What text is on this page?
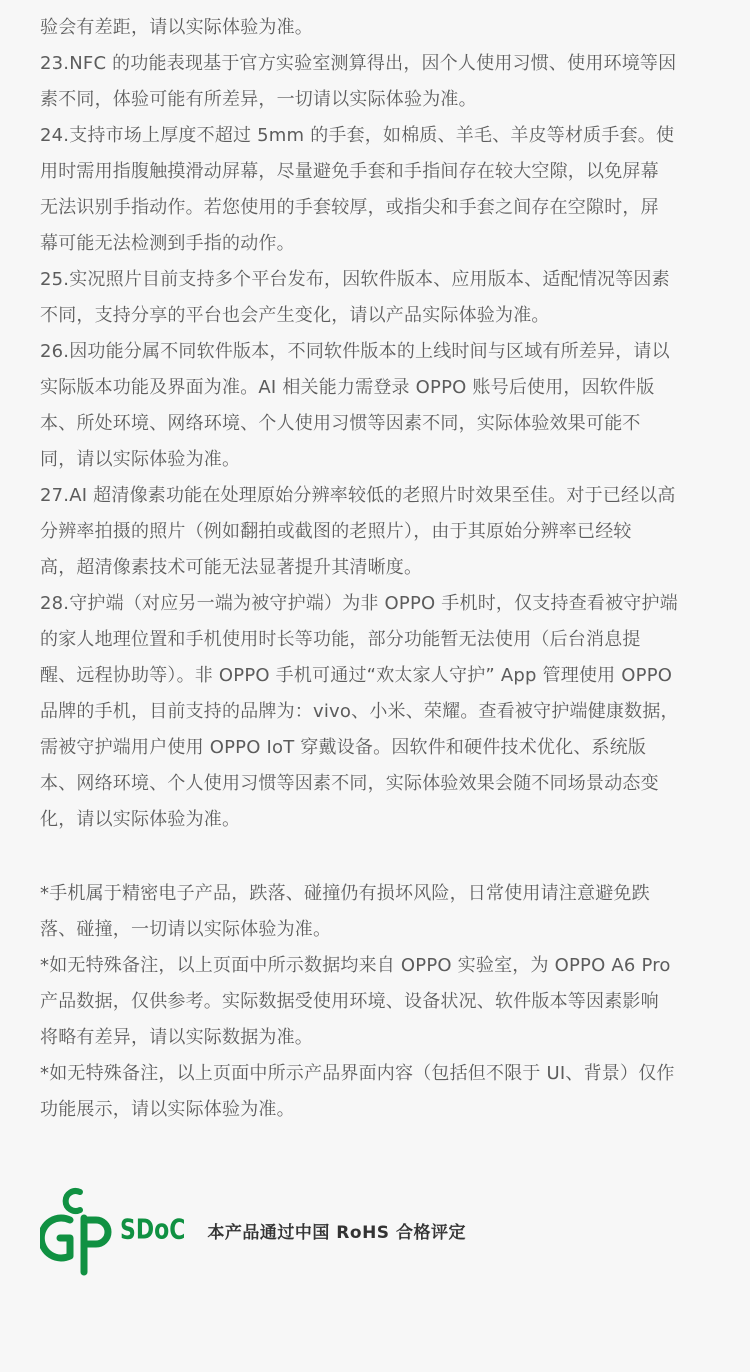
验会有差距，请以实际体验为准。
23.NFC 的功能表现基于官方实验室测算得出，因个人使用习惯、使用环境等因
素不同，体验可能有所差异，一切请以实际体验为准。
24.支持市场上厚度不超过 5mm 的手套，如棉质、羊毛、羊皮等材质手套。使
用时需用指腹触摸滑动屏幕，尽量避免手套和手指间存在较大空隙，以免屏幕
无法识别手指动作。若您使用的手套较厚，或指尖和手套之间存在空隙时，屏
幕可能无法检测到手指的动作。
25.实况照片目前支持多个平台发布，因软件版本、应用版本、适配情况等因素
不同，支持分享的平台也会产生变化，请以产品实际体验为准。
26.因功能分属不同软件版本，不同软件版本的上线时间与区域有所差异，请以
实际版本功能及界面为准。AI 相关能力需登录 OPPO 账号后使用，因软件版
本、所处环境、网络环境、个人使用习惯等因素不同，实际体验效果可能不
同，请以实际体验为准。
27.AI 超清像素功能在处理原始分辨率较低的老照片时效果至佳。对于已经以高
分辨率拍摄的照片（例如翻拍或截图的老照片），由于其原始分辨率已经较
高，超清像素技术可能无法显著提升其清晰度。
28.守护端（对应另一端为被守护端）为非 OPPO 手机时，仅支持查看被守护端
的家人地理位置和手机使用时长等功能，部分功能暂无法使用（后台消息提
醒、远程协助等）。非 OPPO 手机可通过“欢太家人守护” App 管理使用 OPPO
品牌的手机，目前支持的品牌为：vivo、小米、荣耀。查看被守护端健康数据，
需被守护端用户使用 OPPO IoT 穿戴设备。因软件和硬件技术优化、系统版
本、网络环境、个人使用习惯等因素不同，实际体验效果会随不同场景动态变
化，请以实际体验为准。
*手机属于精密电子产品，跌落、碰撞仍有损坏风险，日常使用请注意避免跌
落、碰撞，一切请以实际体验为准。
*如无特殊备注，以上页面中所示数据均来自 OPPO 实验室，为 OPPO A6 Pro
产品数据，仅供参考。实际数据受使用环境、设备状况、软件版本等因素影响
将略有差异，请以实际数据为准。
*如无特殊备注，以上页面中所示产品界面内容（包括但不限于 UI、背景）仅作
功能展示，请以实际体验为准。
SDoC 本产品通过中国 RoHS 合格评定
